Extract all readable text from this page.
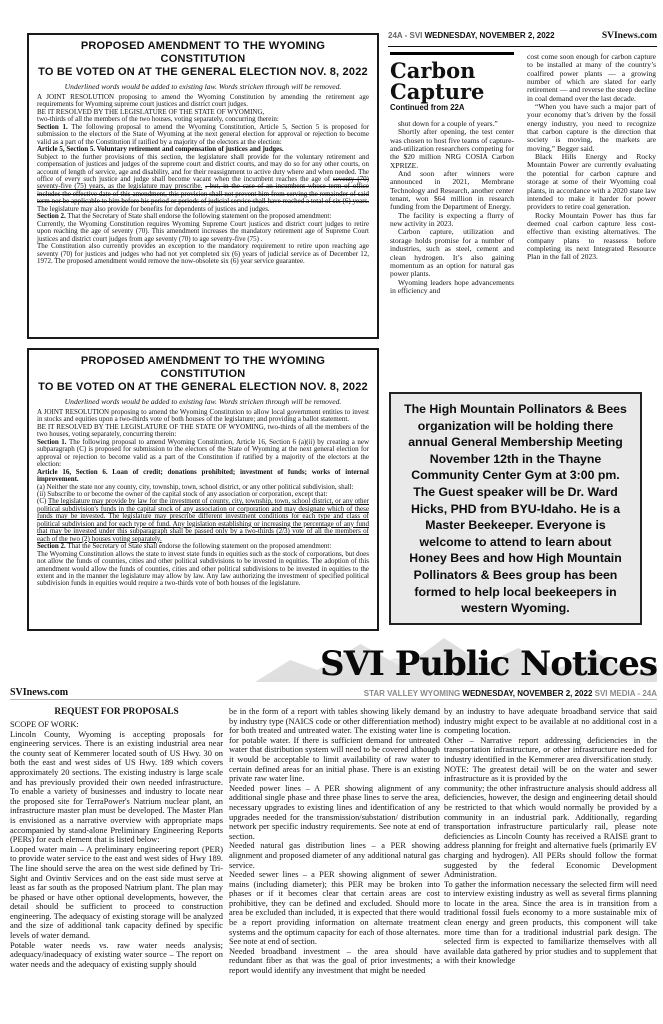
24A - SVI WEDNESDAY, NOVEMBER 2, 2022	SVInews.com
PROPOSED AMENDMENT TO THE WYOMING CONSTITUTION
TO BE VOTED ON AT THE GENERAL ELECTION NOV. 8, 2022
Underlined words would be added to existing law. Words stricken through will be removed.

A JOINT RESOLUTION proposing to amend the Wyoming Constitution by amending the retirement age requirements for Wyoming supreme court justices and district court judges.

BE IT RESOLVED BY THE LEGISLATURE OF THE STATE OF WYOMING,

two-thirds of all the members of the two houses, voting separately, concurring therein:

Section 1. The following proposal to amend the Wyoming Constitution, Article 5, Section 5 is proposed for submission to the electors of the State of Wyoming at the next general election for approval or rejection to become valid as a part of the Constitution if ratified by a majority of the electors at the election:

Article 5, Section 5. Voluntary retirement and compensation of justices and judges.

Subject to the further provisions of this section, the legislature shall provide for the voluntary retirement and compensation of justices and judges of the supreme court and district courts, and may do so for any other courts, on account of length of service, age and disability, and for their reassignment to active duty where and when needed. The office of every such justice and judge shall become vacant when the incumbent reaches the age of seventy (70) seventy-five (75) years, as the legislature may prescribe. , but, in the case of an incumbent whose term of office includes the effective date of this amendment, this provision shall not prevent him from serving the remainder of said term nor be applicable to him before his period or periods of judicial service shall have reached a total of six (6) years. The legislature may also provide for benefits for dependents of justices and judges.

Section 2. That the Secretary of State shall endorse the following statement on the proposed amendment:

Currently, the Wyoming Constitution requires Wyoming Supreme Court justices and district court judges to retire upon reaching the age of seventy (70). This amendment increases the mandatory retirement age of Supreme Court justices and district court judges from age seventy (70) to age seventy-five (75) .

The Constitution also currently provides an exception to the mandatory requirement to retire upon reaching age seventy (70) for justices and judges who had not yet completed six (6) years of judicial service as of December 12, 1972. The proposed amendment would remove the now-obsolete six (6) year service guarantee.

PROPOSED AMENDMENT TO THE WYOMING CONSTITUTION
TO BE VOTED ON AT THE GENERAL ELECTION NOV. 8, 2022
Underlined words would be added to existing law. Words stricken through will be removed.

A JOINT RESOLUTION proposing to amend the Wyoming Constitution to allow local government entities to invest in stocks and equities upon a two-thirds vote of both houses of the legislature; and providing a ballot statement.

BE IT RESOLVED BY THE LEGISLATURE OF THE STATE OF WYOMING, two-thirds of all the members of the two houses, voting separately, concurring therein:

Section 1. The following proposal to amend Wyoming Constitution, Article 16, Section 6 (a)(ii) by creating a new subparagraph (C) is proposed for submission to the electors of the State of Wyoming at the next general election for approval or rejection to become valid as a part of the Constitution if ratified by a majority of the electors at the election:

Article 16, Section 6. Loan of credit; donations prohibited; investment of funds; works of internal improvement.

(a) Neither the state nor any county, city, township, town, school district, or any other political subdivision, shall:

(ii) Subscribe to or become the owner of the capital stock of any association or corporation, except that:

(C) The legislature may provide by law for the investment of county, city, township, town, school district, or any other political subdivision's funds in the capital stock of any association or corporation and may designate which of these funds may be invested. The legislature may prescribe different investment conditions for each type and class of political subdivision and for each type of fund. Any legislation establishing or increasing the percentage of any fund that may be invested under this subparagraph shall be passed only by a two-thirds (2/3) vote of all the members of each of the two (2) houses voting separately.

Section 2. That the Secretary of State shall endorse the following statement on the proposed amendment:

The Wyoming Constitution allows the state to invest state funds in equities such as the stock of corporations, but does not allow the funds of counties, cities and other political subdivisions to be invested in equities. The adoption of this amendment would allow the funds of counties, cities and other political subdivisions to be invested in equities to the extent and in the manner the legislature may allow by law. Any law authorizing the investment of specified political subdivision funds in equities would require a two-thirds vote of both houses of the legislature.

Carbon
Capture
Continued from 22A

shut down for a couple of years.”

Shortly after opening, the test center was chosen to host five teams of capture-and-utilization researchers competing for the $20 million NRG COSIA Carbon XPRIZE.

And soon after winners were announced in 2021, Membrane Technology and Research, another center tenant, won $64 million in research funding from the Department of Energy.

The facility is expecting a flurry of new activity in 2023.

Carbon capture, utilization and storage holds promise for a number of industries, such as steel, cement and clean hydrogen. It’s also gaining momentum as an option for natural gas power plants.

Wyoming leaders hope advancements in efficiency and

cost come soon enough for carbon capture to be installed at many of the country’s coalfired power plants — a growing number of which are slated for early retirement — and reverse the steep decline in coal demand over the last decade.

“When you have such a major part of your economy that’s driven by the fossil energy industry, you need to recognize that carbon capture is the direction that society is moving, the markets are moving,” Begger said.

Black Hills Energy and Rocky Mountain Power are currently evaluating the potential for carbon capture and storage at some of their Wyoming coal plants, in accordance with a 2020 state law intended to make it harder for power providers to retire coal generation.

Rocky Mountain Power has thus far deemed coal carbon capture less cost-effective than existing alternatives. The company plans to reassess before completing its next Integrated Resource Plan in the fall of 2023.

The High Mountain Pollinators & Bees organization will be holding there annual General Membership Meeting November 12th in the Thayne Community Center Gym at 3:00 pm. The Guest speaker will be Dr. Ward Hicks, PHD from BYU-Idaho. He is a Master Beekeeper. Everyone is welcome to attend to learn about Honey Bees and how High Mountain Pollinators & Bees group has been formed to help local beekeepers in western Wyoming.
SVI Public Notices
SVInews.com	STAR VALLEY WYOMING WEDNESDAY, NOVEMBER 2, 2022 SVI MEDIA - 24A
REQUEST FOR PROPOSALS

SCOPE OF WORK:

Lincoln County, Wyoming is accepting proposals for engineering services. There is an existing industrial area near the county seat of Kemmerer located south of US Hwy. 30 on both the east and west sides of US Hwy. 189 which covers approximately 20 sections. The existing industry is large scale and has previously provided their own needed infrastructure. To enable a variety of businesses and industry to locate near the proposed site for TerraPower's Natrium nuclear plant, an infrastructure master plan must be developed. The Master Plan is envisioned as a narrative overview with appropriate maps accompanied by stand-alone Preliminary Engineering Reports (PERs) for each element that is listed below:

Looped water main – A preliminary engineering report (PER) to provide water service to the east and west sides of Hwy 189. The line should serve the area on the west side defined by Tri-Sight and Ovintiv Services and on the east side must serve at least as far south as the proposed Natrium plant. The plan may be phased or have other optional developments, however, the detail should be sufficient to proceed to construction engineering. The adequacy of existing storage will be analyzed and the size of additional tank capacity defined by specific levels of water demand.

Potable water needs vs. raw water needs analysis; adequacy/inadequacy of existing water source – The report on water needs and the adequacy of existing supply should

be in the form of a report with tables showing likely demand by industry type (NAICS code or other differentiation method) for both treated and untreated water. The existing water line is for potable water. If there is sufficient demand for untreated water that distribution system will need to be covered although it would be acceptable to limit availability of raw water to certain defined areas for an initial phase. There is an existing private raw water line.

Needed power lines – A PER showing alignment of any additional single phase and three phase lines to serve the area, necessary upgrades to existing lines and identification of any upgrades needed for the transmission/substation/ distribution network per specific industry requirements. See note at end of section.

Needed natural gas distribution lines – a PER showing alignment and proposed diameter of any additional natural gas service.

Needed sewer lines – a PER showing alignment of sewer mains (including diameter); this PER may be broken into phases or if it becomes clear that certain areas are cost prohibitive, they can be defined and excluded. Should more area be excluded than included, it is expected that there would be a report providing information on alternate treatment systems and the optimum capacity for each of those alternates. See note at end of section.

Needed broadband investment – the area should have redundant fiber as that was the goal of prior investments; a report would identify any investment that might be needed

by an industry to have adequate broadband service that said industry might expect to be available at no additional cost in a competing location.

Other – Narrative report addressing deficiencies in the transportation infrastructure, or other infrastructure needed for industry identified in the Kemmerer area diversification study.

NOTE: The greatest detail will be on the water and sewer infrastructure as it is provided by the

community; the other infrastructure analysis should address all deficiencies, however, the design and engineering detail should be restricted to that which would normally be provided by a community in an industrial park. Additionally, regarding transportation infrastructure particularly rail, please note deficiencies as Lincoln County has received a RAISE grant to address planning for freight and alternative fuels (primarily EV charging and hydrogen). All PERs should follow the format suggested by the federal Economic Development Administration.

To gather the information necessary the selected firm will need to interview existing industry as well as several firms planning to locate in the area. Since the area is in transition from a traditional fossil fuels economy to a more sustainable mix of clean energy and green products, this component will take more time than for a traditional industrial park design. The selected firm is expected to familiarize themselves with all available data gathered by prior studies and to supplement that with their knowledge
